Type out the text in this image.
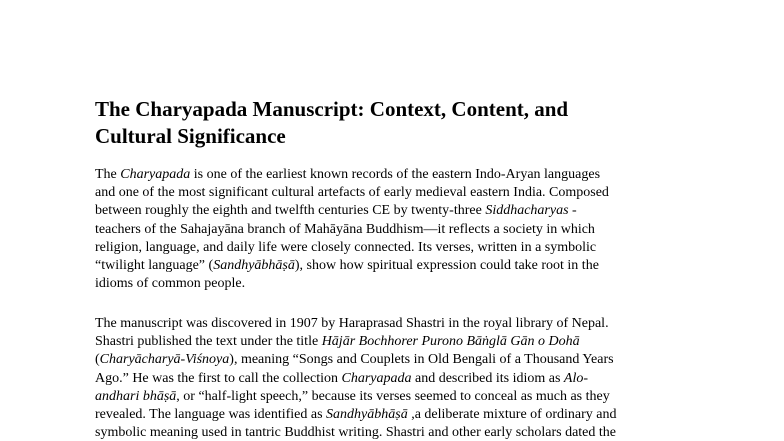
The Charyapada Manuscript: Context, Content, and
Cultural Significance

The Charyapada is one of the earliest known records of the eastern Indo-Aryan languages
and one of the most significant cultural artefacts of early medieval eastern India. Composed
between roughly the eighth and twelfth centuries CE by twenty-three Siddhacharyas -
teachers of the Sahajayāna branch of Mahāyāna Buddhism—it reflects a society in which
religion, language, and daily life were closely connected. Its verses, written in a symbolic
“twilight language” (Sandhyābhāṣā), show how spiritual expression could take root in the
idioms of common people.

The manuscript was discovered in 1907 by Haraprasad Shastri in the royal library of Nepal.
Shastri published the text under the title Hājār Bochhorer Purono Bāṅglā Gān o Dohā
(Charyācharyā-Viśnoya), meaning “Songs and Couplets in Old Bengali of a Thousand Years
Ago.” He was the first to call the collection Charyapada and described its idiom as Alo-
andhari bhāṣā, or “half-light speech,” because its verses seemed to conceal as much as they
revealed. The language was identified as Sandhyābhāṣā ,a deliberate mixture of ordinary and
symbolic meaning used in tantric Buddhist writing. Shastri and other early scholars dated the
